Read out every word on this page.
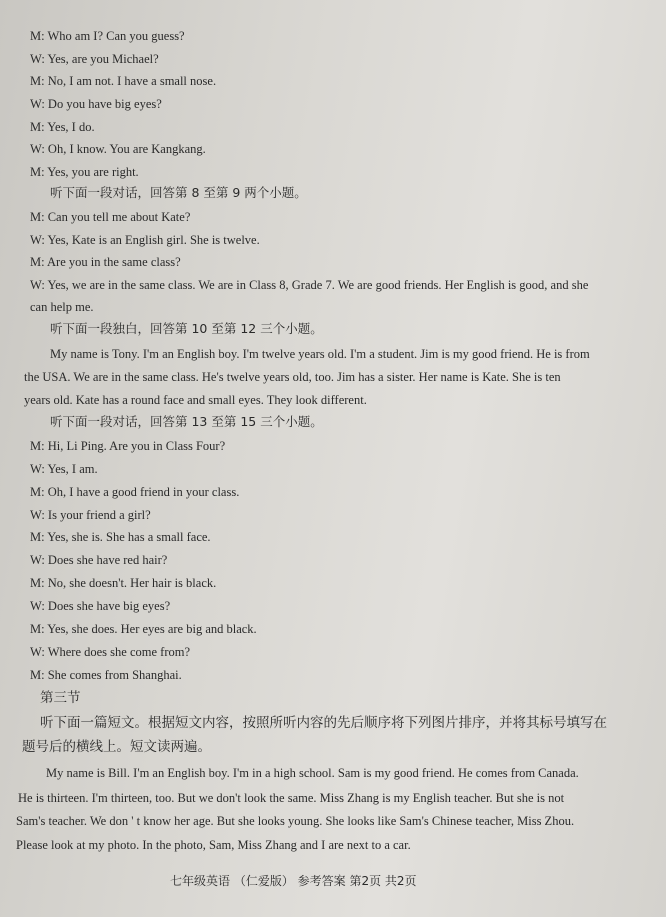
M: Who am I? Can you guess?
W: Yes, are you Michael?
M: No, I am not. I have a small nose.
W: Do you have big eyes?
M: Yes, I do.
W: Oh, I know. You are Kangkang.
M: Yes, you are right.
听下面一段对话，回答第 8 至第 9 两个小题。
M: Can you tell me about Kate?
W: Yes, Kate is an English girl. She is twelve.
M: Are you in the same class?
W: Yes, we are in the same class. We are in Class 8, Grade 7. We are good friends. Her English is good, and she
can help me.
听下面一段独白，回答第 10 至第 12 三个小题。
My name is Tony. I'm an English boy. I'm twelve years old. I'm a student. Jim is my good friend. He is from
the USA. We are in the same class. He's twelve years old, too. Jim has a sister. Her name is Kate. She is ten
years old. Kate has a round face and small eyes. They look different.
听下面一段对话，回答第 13 至第 15 三个小题。
M: Hi, Li Ping. Are you in Class Four?
W: Yes, I am.
M: Oh, I have a good friend in your class.
W: Is your friend a girl?
M: Yes, she is. She has a small face.
W: Does she have red hair?
M: No, she doesn't. Her hair is black.
W: Does she have big eyes?
M: Yes, she does. Her eyes are big and black.
W: Where does she come from?
M: She comes from Shanghai.
第三节
听下面一篇短文。根据短文内容，按照所听内容的先后顺序将下列图片排序，并将其标号填写在
题号后的横线上。短文读两遍。
My name is Bill. I'm an English boy. I'm in a high school. Sam is my good friend. He comes from Canada.
He is thirteen. I'm thirteen, too. But we don't look the same. Miss Zhang is my English teacher. But she is not
Sam's teacher. We don ' t know her age. But she looks young. She looks like Sam's Chinese teacher, Miss Zhou.
Please look at my photo. In the photo, Sam, Miss Zhang and I are next to a car.
七年级英语 （仁爱版） 参考答案 第2页 共2页
